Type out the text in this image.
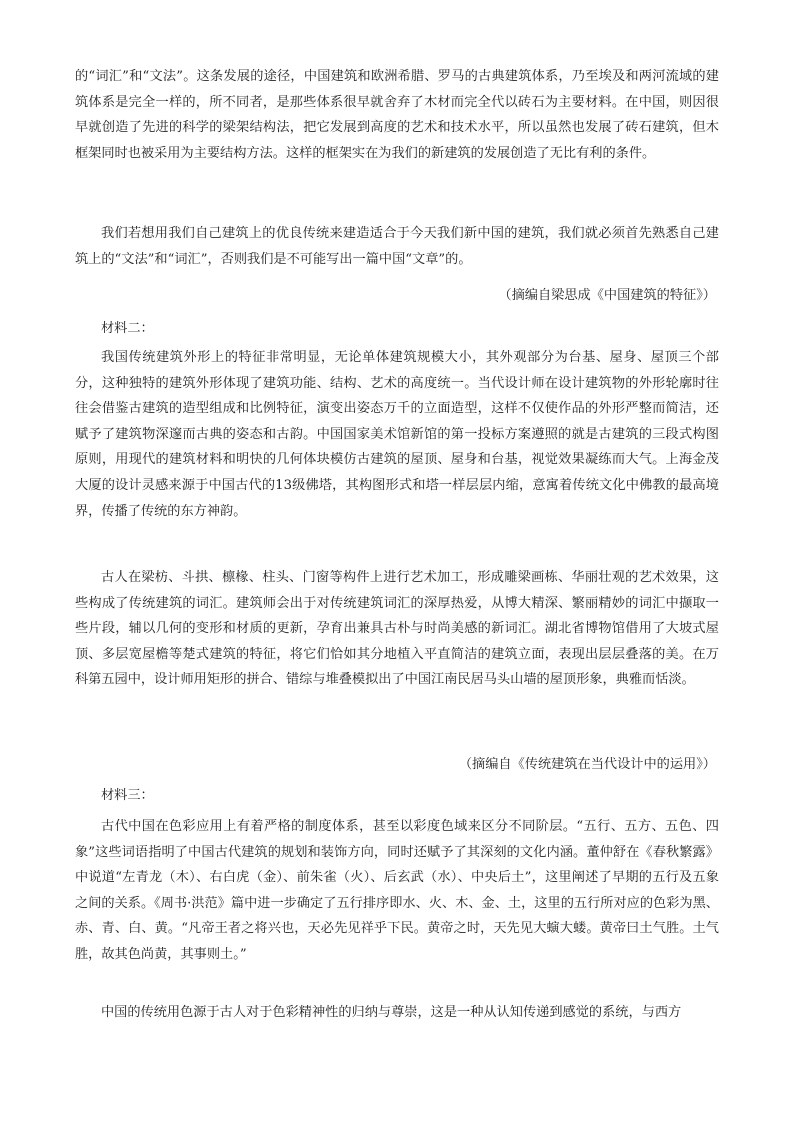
的“词汇”和“文法”。这条发展的途径，中国建筑和欧洲希腊、罗马的古典建筑体系，乃至埃及和两河流域的建筑体系是完全一样的，所不同者，是那些体系很早就舍弃了木材而完全代以砖石为主要材料。在中国，则因很早就创造了先进的科学的梁架结构法，把它发展到高度的艺术和技术水平，所以虽然也发展了砖石建筑，但木框架同时也被采用为主要结构方法。这样的框架实在为我们的新建筑的发展创造了无比有利的条件。

我们若想用我们自己建筑上的优良传统来建造适合于今天我们新中国的建筑，我们就必须首先熟悉自己建筑上的“文法”和“词汇”，否则我们是不可能写出一篇中国“文章”的。

（摘编自梁思成《中国建筑的特征》）

材料二：

我国传统建筑外形上的特征非常明显，无论单体建筑规模大小，其外观部分为台基、屋身、屋顶三个部分，这种独特的建筑外形体现了建筑功能、结构、艺术的高度统一。当代设计师在设计建筑物的外形轮廓时往往会借鉴古建筑的造型组成和比例特征，演变出姿态万千的立面造型，这样不仅使作品的外形严整而简洁，还赋予了建筑物深邃而古典的姿态和古韵。中国国家美术馆新馆的第一投标方案遵照的就是古建筑的三段式构图原则，用现代的建筑材料和明快的几何体块模仿古建筑的屋顶、屋身和台基，视觉效果凝练而大气。上海金茂大厦的设计灵感来源于中国古代的13级佛塔，其构图形式和塔一样层层内缩，意寓着传统文化中佛教的最高境界，传播了传统的东方神韵。

古人在梁枋、斗拱、檩椽、柱头、门窗等构件上进行艺术加工，形成雕梁画栋、华丽壮观的艺术效果，这些构成了传统建筑的词汇。建筑师会出于对传统建筑词汇的深厚热爱，从博大精深、繁丽精妙的词汇中撷取一些片段，辅以几何的变形和材质的更新，孕育出兼具古朴与时尚美感的新词汇。湖北省博物馆借用了大坡式屋顶、多层宽屋檐等楚式建筑的特征，将它们恰如其分地植入平直简洁的建筑立面，表现出层层叠落的美。在万科第五园中，设计师用矩形的拼合、错综与堆叠模拟出了中国江南民居马头山墙的屋顶形象，典雅而恬淡。

（摘编自《传统建筑在当代设计中的运用》）

材料三：

古代中国在色彩应用上有着严格的制度体系，甚至以彩度色域来区分不同阶层。“五行、五方、五色、四象”这些词语指明了中国古代建筑的规划和装饰方向，同时还赋予了其深刻的文化内涵。董仲舒在《春秋繁露》中说道“左青龙（木）、右白虎（金）、前朱雀（火）、后玄武（水）、中央后土”，这里阐述了早期的五行及五象之间的关系。《周书·洪范》篇中进一步确定了五行排序即水、火、木、金、土，这里的五行所对应的色彩为黑、赤、青、白、黄。“凡帝王者之将兴也，天必先见祥乎下民。黄帝之时，天先见大螾大蝼。黄帝曰土气胜。土气胜，故其色尚黄，其事则土。”

中国的传统用色源于古人对于色彩精神性的归纳与尊崇，这是一种从认知传递到感觉的系统，与西方
